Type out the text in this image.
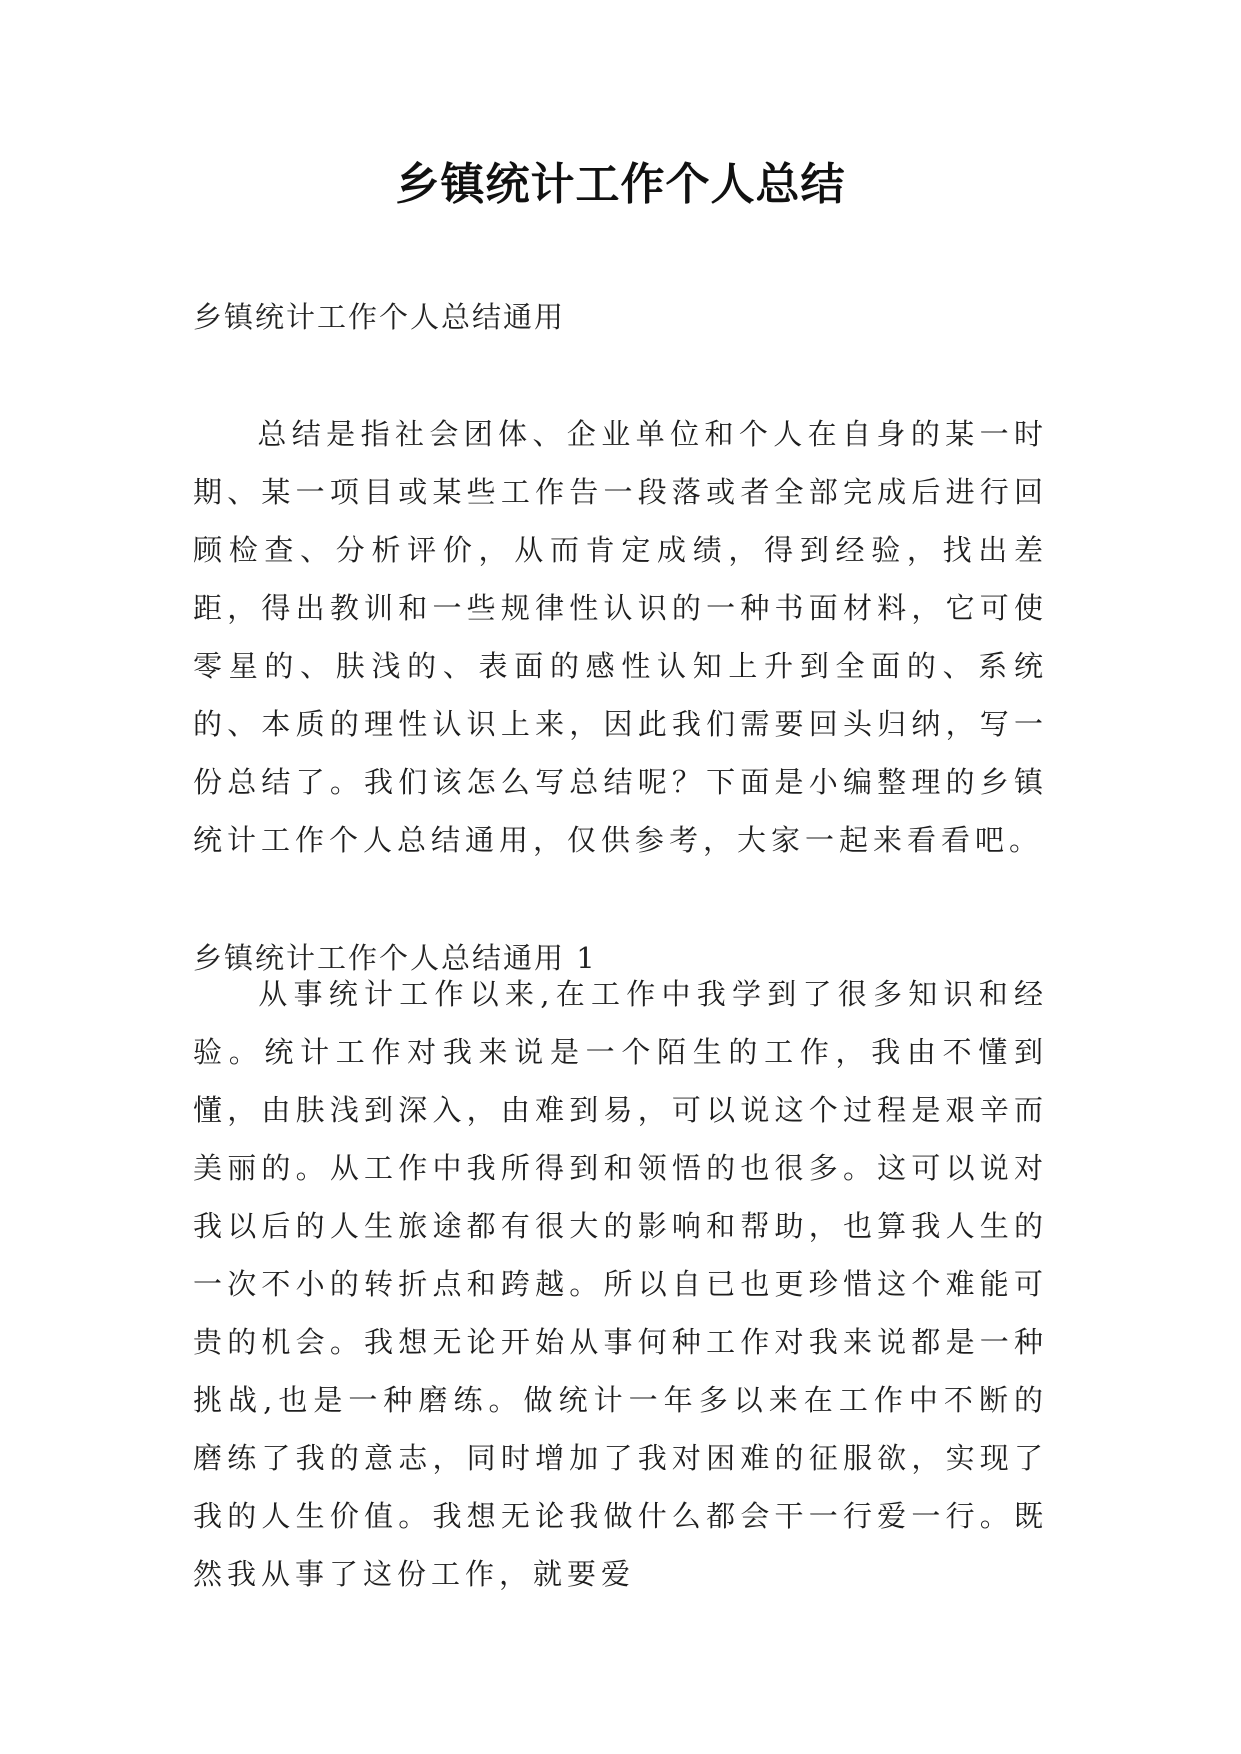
乡镇统计工作个人总结
乡镇统计工作个人总结通用

总结是指社会团体、企业单位和个人在自身的某一时期、某一项目或某些工作告一段落或者全部完成后进行回顾检查、分析评价，从而肯定成绩，得到经验，找出差距，得出教训和一些规律性认识的一种书面材料，它可使零星的、肤浅的、表面的感性认知上升到全面的、系统的、本质的理性认识上来，因此我们需要回头归纳，写一份总结了。我们该怎么写总结呢？下面是小编整理的乡镇统计工作个人总结通用，仅供参考，大家一起来看看吧。

乡镇统计工作个人总结通用 1

从事统计工作以来,在工作中我学到了很多知识和经验。统计工作对我来说是一个陌生的工作，我由不懂到懂，由肤浅到深入，由难到易，可以说这个过程是艰辛而美丽的。从工作中我所得到和领悟的也很多。这可以说对我以后的人生旅途都有很大的影响和帮助，也算我人生的一次不小的转折点和跨越。所以自已也更珍惜这个难能可贵的机会。我想无论开始从事何种工作对我来说都是一种挑战,也是一种磨练。做统计一年多以来在工作中不断的磨练了我的意志，同时增加了我对困难的征服欲，实现了我的人生价值。我想无论我做什么都会干一行爱一行。既然我从事了这份工作，就要爱
